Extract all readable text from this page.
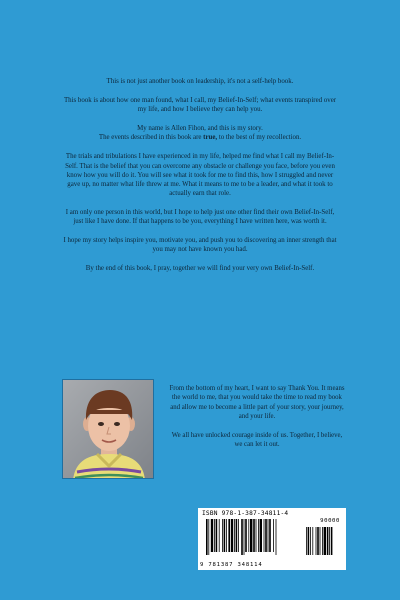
This is not just another book on leadership, it's not a self-help book.

This book is about how one man found, what I call, my Belief-In-Self; what events transpired over my life, and how I believe they can help you.

My name is Allen Fihon, and this is my story.
The events described in this book are true, to the best of my recollection.

The trials and tribulations I have experienced in my life, helped me find what I call my Belief-In-Self. That is the belief that you can overcome any obstacle or challenge you face, before you even know how you will do it. You will see what it took for me to find this, how I struggled and never gave up, no matter what life threw at me. What it means to me to be a leader, and what it took to actually earn that role.

I am only one person in this world, but I hope to help just one other find their own Belief-In-Self, just like I have done. If that happens to be you, everything I have written here, was worth it.

I hope my story helps inspire you, motivate you, and push you to discovering an inner strength that you may not have known you had.

By the end of this book, I pray, together we will find your very own Belief-In-Self.

From the bottom of my heart, I want to say Thank You. It means the world to me, that you would take the time to read my book and allow me to become a little part of your story, your journey, and your life.

We all have unlocked courage inside of us. Together, I believe, we can let it out.

ISBN 978-1-387-34811-4
90000
9 781387 348114
